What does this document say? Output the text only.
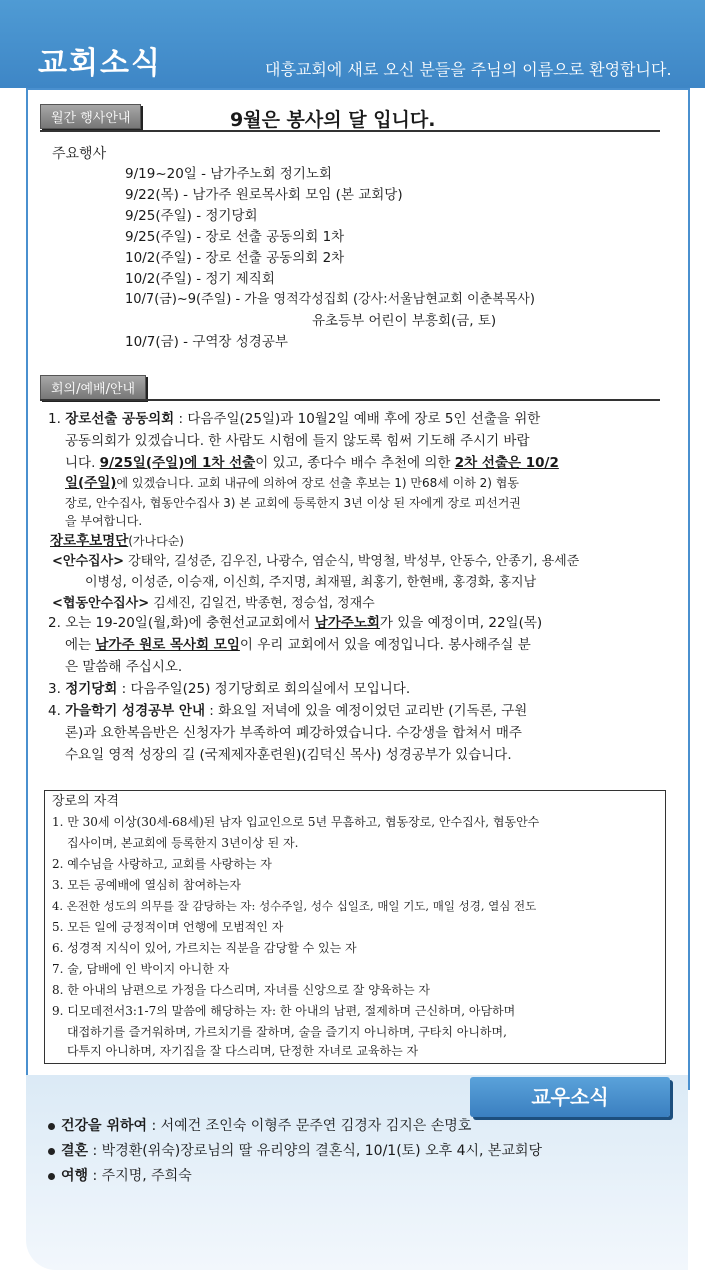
교회소식	대흥교회에 새로 오신 분들을 주님의 이름으로 환영합니다.
월간 행사안내	9월은 봉사의 달 입니다.
주요행사
9/19~20일 - 남가주노회 정기노회
9/22(목) - 남가주 원로목사회 모임 (본 교회당)
9/25(주일) - 정기당회
9/25(주일) - 장로 선출 공동의회 1차
10/2(주일) - 장로 선출 공동의회 2차
10/2(주일) - 정기 제직회
10/7(금)~9(주일) - 가을 영적각성집회 (강사:서울남현교회 이춘복목사)
유초등부 어린이 부흥회(금, 토)
10/7(금) - 구역장 성경공부
회의/예배/안내
1. 장로선출 공동의회 : 다음주일(25일)과 10월2일 예배 후에 장로 5인 선출을 위한
공동의회가 있겠습니다. 한 사람도 시험에 들지 않도록 힘써 기도해 주시기 바랍
니다. 9/25일(주일)에 1차 선출이 있고, 종다수 배수 추천에 의한 2차 선출은 10/2
일(주일)에 있겠습니다. 교회 내규에 의하여 장로 선출 후보는 1) 만68세 이하 2) 협동
장로, 안수집사, 협동안수집사 3) 본 교회에 등록한지 3년 이상 된 자에게 장로 피선거권
을 부여합니다.
장로후보명단(가나다순)
<안수집사> 강태악, 길성준, 김우진, 나광수, 염순식, 박영철, 박성부, 안동수, 안종기, 용세준
이병성, 이성준, 이승재, 이신희, 주지명, 최재필, 최홍기, 한현배, 홍경화, 홍지남
<협동안수집사> 김세진, 김일건, 박종현, 정승섭, 정재수
2. 오는 19-20일(월,화)에 충현선교교회에서 남가주노회가 있을 예정이며, 22일(목)
에는 남가주 원로 목사회 모임이 우리 교회에서 있을 예정입니다. 봉사해주실 분
은 말씀해 주십시오.
3. 정기당회 : 다음주일(25) 정기당회로 회의실에서 모입니다.
4. 가을학기 성경공부 안내 : 화요일 저녁에 있을 예정이었던 교리반 (기독론, 구원
론)과 요한복음반은 신청자가 부족하여 폐강하였습니다. 수강생을 합쳐서 매주
수요일 영적 성장의 길 (국제제자훈련원)(김덕신 목사) 성경공부가 있습니다.
장로의 자격
1. 만 30세 이상(30세-68세)된 남자 입교인으로 5년 무흠하고, 협동장로, 안수집사, 협동안수
집사이며, 본교회에 등록한지 3년이상 된 자.
2. 예수님을 사랑하고, 교회를 사랑하는 자
3. 모든 공예배에 열심히 참여하는자
4. 온전한 성도의 의무를 잘 감당하는 자: 성수주일, 성수 십일조, 매일 기도, 매일 성경, 열심 전도
5. 모든 일에 긍정적이며 언행에 모범적인 자
6. 성경적 지식이 있어, 가르치는 직분을 감당할 수 있는 자
7. 술, 담배에 인 박이지 아니한 자
8. 한 아내의 남편으로 가정을 다스리며, 자녀를 신앙으로 잘 양육하는 자
9. 디모데전서3:1-7의 말씀에 해당하는 자: 한 아내의 남편, 절제하며 근신하며, 아담하며
대접하기를 즐거워하며, 가르치기를 잘하며, 술을 즐기지 아니하며, 구타치 아니하며,
다투지 아니하며, 자기집을 잘 다스리며, 단정한 자녀로 교육하는 자
교우소식
건강을 위하여 : 서예건 조인숙 이형주 문주연 김경자 김지은 손명호
결혼 : 박경환(위숙)장로님의 딸 유리양의 결혼식, 10/1(토) 오후 4시, 본교회당
여행 : 주지명, 주희숙
